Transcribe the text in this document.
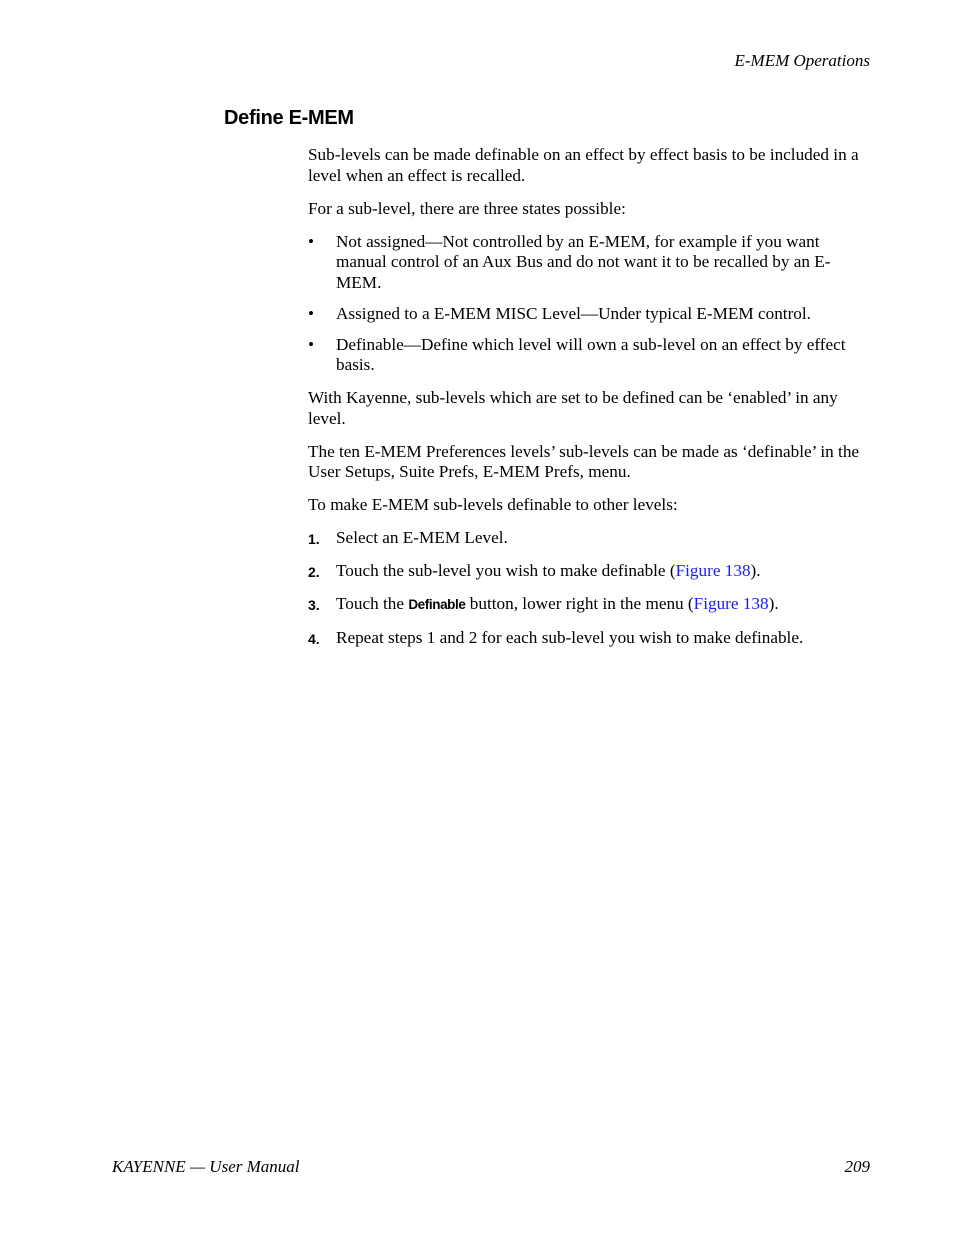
E-MEM Operations
Define E-MEM

Sub-levels can be made definable on an effect by effect basis to be included in a level when an effect is recalled.

For a sub-level, there are three states possible:

• Not assigned—Not controlled by an E-MEM, for example if you want manual control of an Aux Bus and do not want it to be recalled by an E-MEM.
• Assigned to a E-MEM MISC Level—Under typical E-MEM control.
• Definable—Define which level will own a sub-level on an effect by effect basis.

With Kayenne, sub-levels which are set to be defined can be ‘enabled’ in any level.

The ten E-MEM Preferences levels’ sub-levels can be made as ‘definable’ in the User Setups, Suite Prefs, E-MEM Prefs, menu.

To make E-MEM sub-levels definable to other levels:

1. Select an E-MEM Level.
2. Touch the sub-level you wish to make definable (Figure 138).
3. Touch the Definable button, lower right in the menu (Figure 138).
4. Repeat steps 1 and 2 for each sub-level you wish to make definable.
KAYENNE — User Manual	209
